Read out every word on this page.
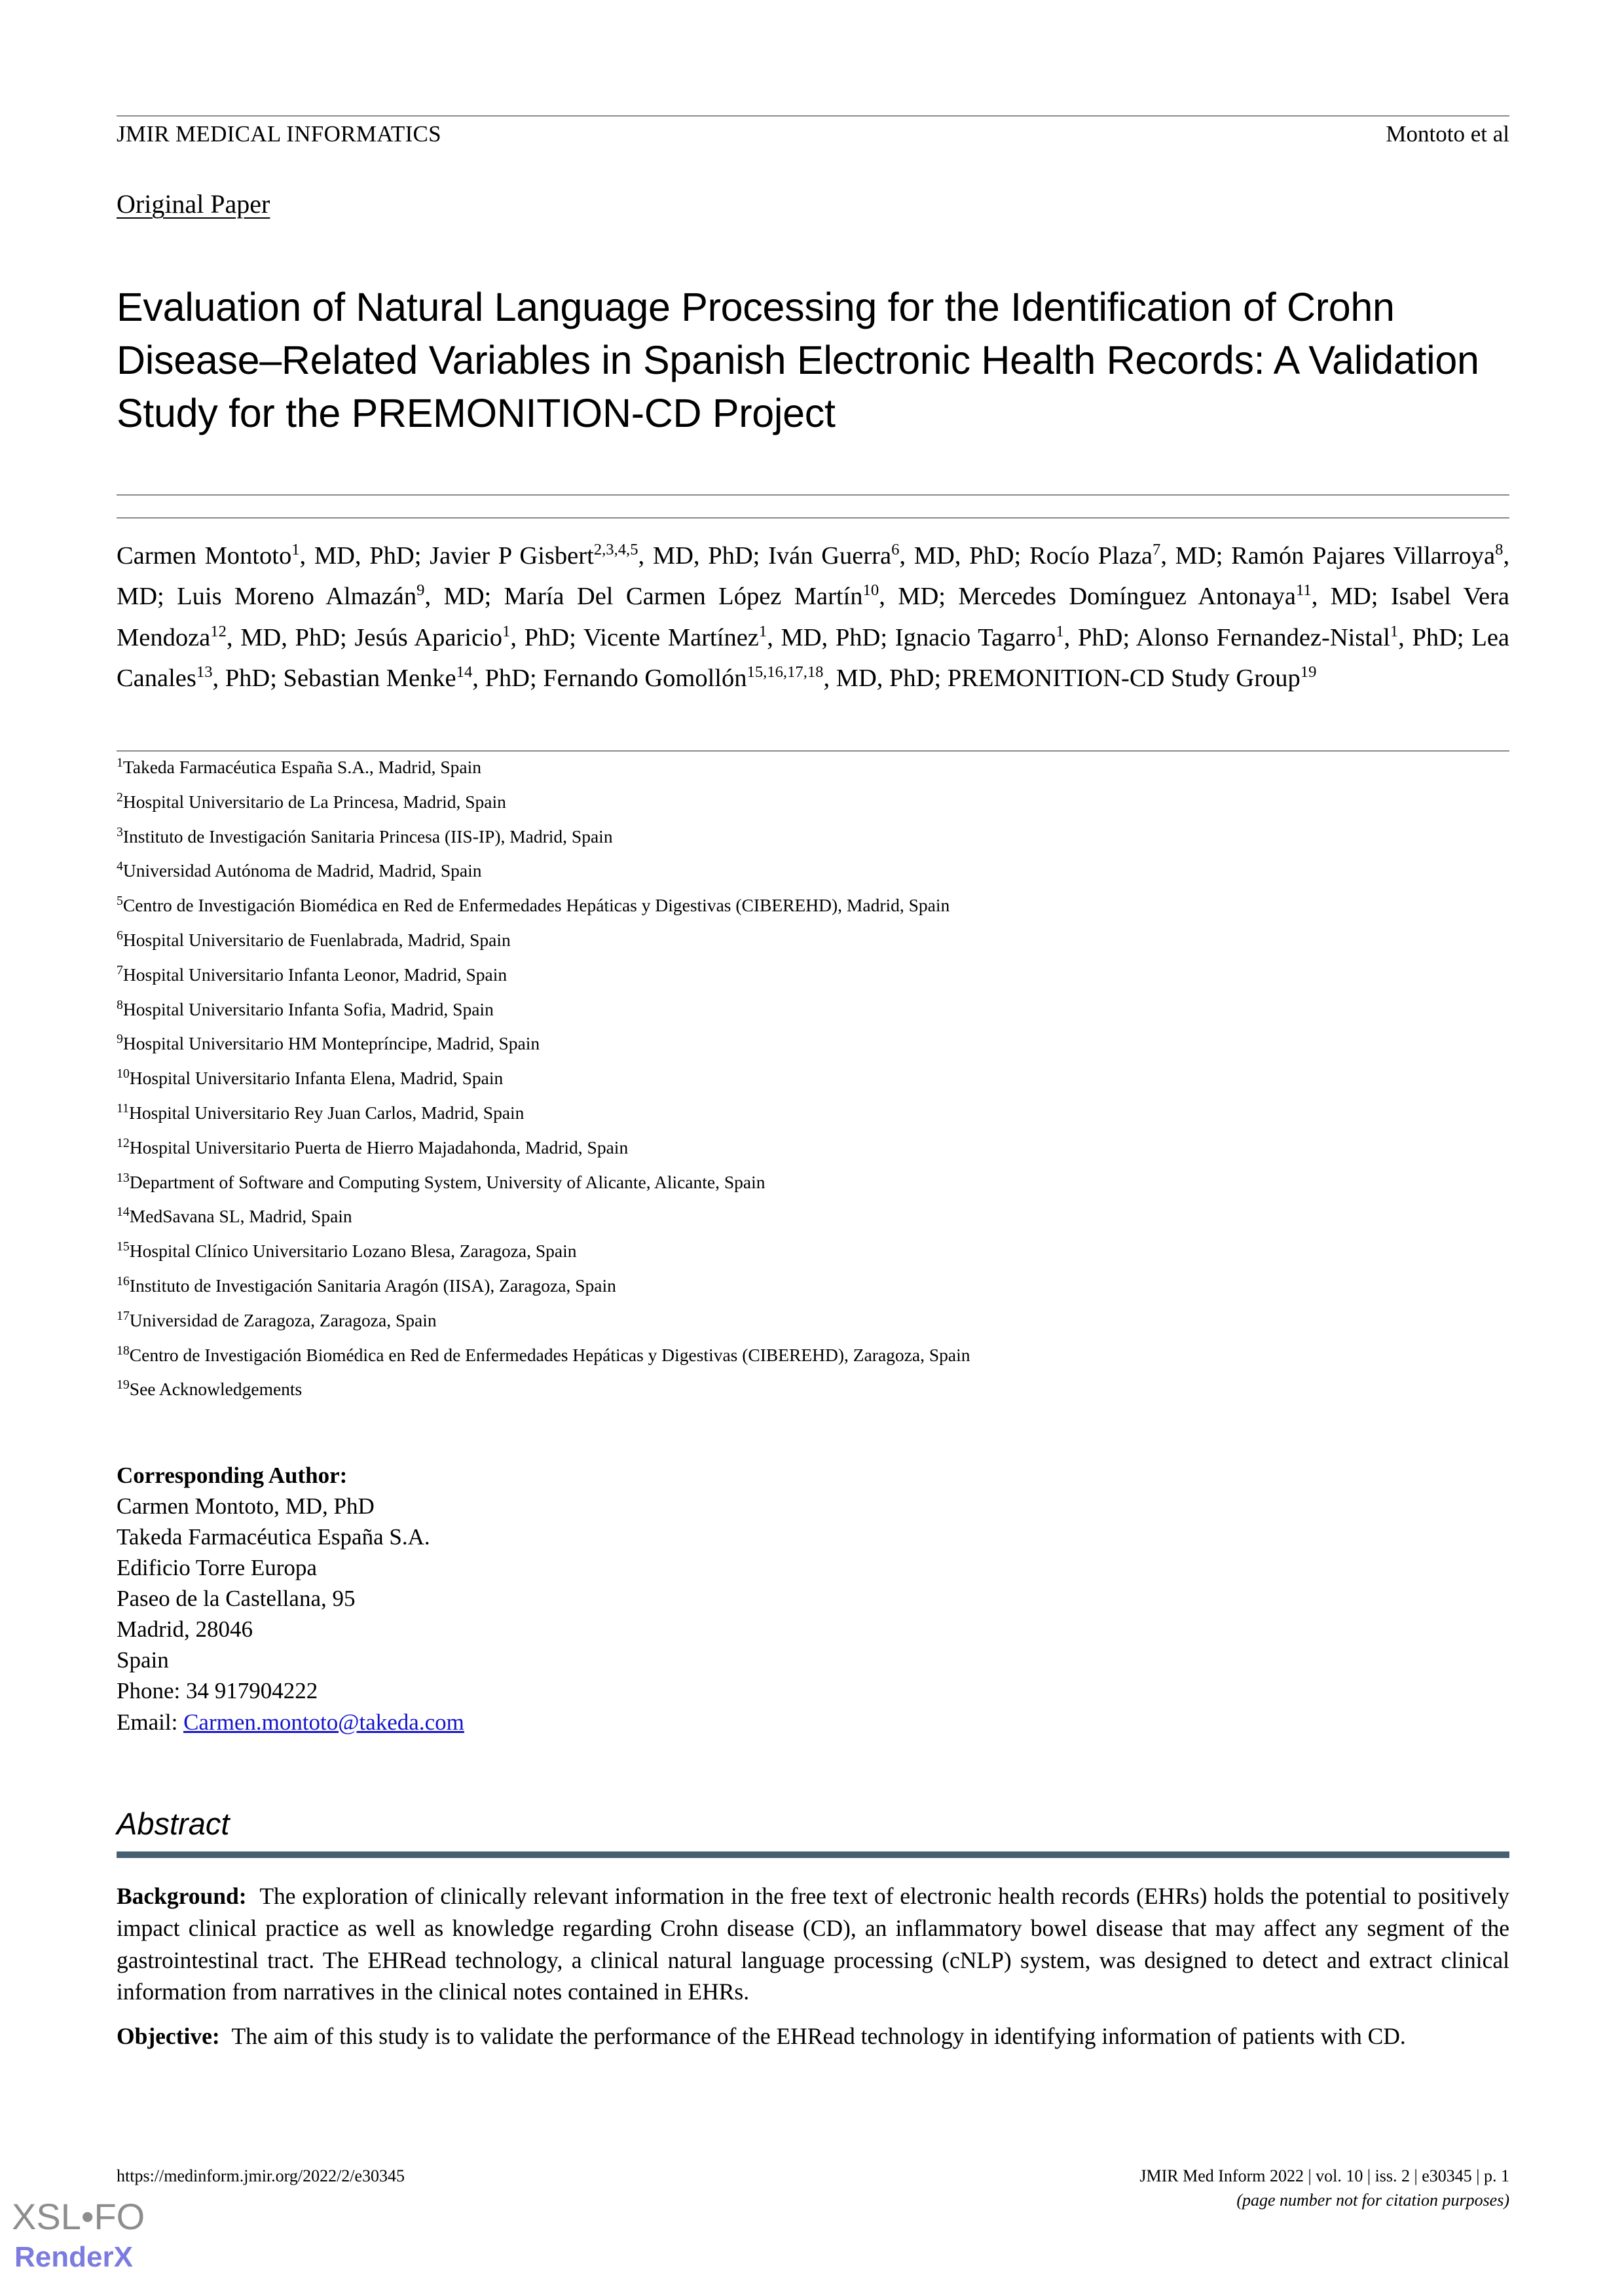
JMIR MEDICAL INFORMATICS	Montoto et al
Original Paper
Evaluation of Natural Language Processing for the Identification of Crohn Disease–Related Variables in Spanish Electronic Health Records: A Validation Study for the PREMONITION-CD Project
Carmen Montoto$^1$, MD, PhD; Javier P Gisbert$^{2,3,4,5}$, MD, PhD; Iván Guerra$^6$, MD, PhD; Rocío Plaza$^7$, MD; Ramón Pajares Villarroya$^8$, MD; Luis Moreno Almazán$^9$, MD; María Del Carmen López Martín$^{10}$, MD; Mercedes Domínguez Antonaya$^{11}$, MD; Isabel Vera Mendoza$^{12}$, MD, PhD; Jesús Aparicio$^1$, PhD; Vicente Martínez$^1$, MD, PhD; Ignacio Tagarro$^1$, PhD; Alonso Fernandez-Nistal$^1$, PhD; Lea Canales$^{13}$, PhD; Sebastian Menke$^{14}$, PhD; Fernando Gomollón$^{15,16,17,18}$, MD, PhD; PREMONITION-CD Study Group$^{19}$
$^1$Takeda Farmacéutica España S.A., Madrid, Spain
$^2$Hospital Universitario de La Princesa, Madrid, Spain
$^3$Instituto de Investigación Sanitaria Princesa (IIS-IP), Madrid, Spain
$^4$Universidad Autónoma de Madrid, Madrid, Spain
$^5$Centro de Investigación Biomédica en Red de Enfermedades Hepáticas y Digestivas (CIBEREHD), Madrid, Spain
$^6$Hospital Universitario de Fuenlabrada, Madrid, Spain
$^7$Hospital Universitario Infanta Leonor, Madrid, Spain
$^8$Hospital Universitario Infanta Sofia, Madrid, Spain
$^9$Hospital Universitario HM Montepríncipe, Madrid, Spain
$^{10}$Hospital Universitario Infanta Elena, Madrid, Spain
$^{11}$Hospital Universitario Rey Juan Carlos, Madrid, Spain
$^{12}$Hospital Universitario Puerta de Hierro Majadahonda, Madrid, Spain
$^{13}$Department of Software and Computing System, University of Alicante, Alicante, Spain
$^{14}$MedSavana SL, Madrid, Spain
$^{15}$Hospital Clínico Universitario Lozano Blesa, Zaragoza, Spain
$^{16}$Instituto de Investigación Sanitaria Aragón (IISA), Zaragoza, Spain
$^{17}$Universidad de Zaragoza, Zaragoza, Spain
$^{18}$Centro de Investigación Biomédica en Red de Enfermedades Hepáticas y Digestivas (CIBEREHD), Zaragoza, Spain
$^{19}$See Acknowledgements
Corresponding Author:
Carmen Montoto, MD, PhD
Takeda Farmacéutica España S.A.
Edificio Torre Europa
Paseo de la Castellana, 95
Madrid, 28046
Spain
Phone: 34 917904222
Email: Carmen.montoto@takeda.com
Abstract

Background: The exploration of clinically relevant information in the free text of electronic health records (EHRs) holds the potential to positively impact clinical practice as well as knowledge regarding Crohn disease (CD), an inflammatory bowel disease that may affect any segment of the gastrointestinal tract. The EHRead technology, a clinical natural language processing (cNLP) system, was designed to detect and extract clinical information from narratives in the clinical notes contained in EHRs.

Objective: The aim of this study is to validate the performance of the EHRead technology in identifying information of patients with CD.

https://medinform.jmir.org/2022/2/e30345	JMIR Med Inform 2022 | vol. 10 | iss. 2 | e30345 | p. 1
(page number not for citation purposes)
XSL•FO
RenderX
